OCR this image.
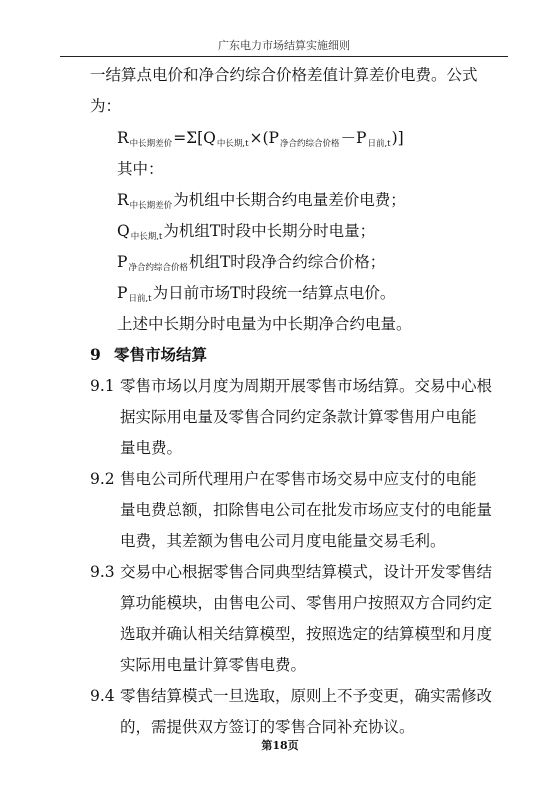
广东电力市场结算实施细则
一结算点电价和净合约综合价格差值计算差价电费。公式
为：
R中长期差价=Σ[Q中长期,t×(P净合约综合价格－P日前,t)]
其中：
R中长期差价为机组中长期合约电量差价电费；
Q中长期,t为机组T时段中长期分时电量；
P净合约综合价格机组T时段净合约综合价格；
P日前,t为日前市场T时段统一结算点电价。
上述中长期分时电量为中长期净合约电量。
9 零售市场结算
9.1 零售市场以月度为周期开展零售市场结算。交易中心根
据实际用电量及零售合同约定条款计算零售用户电能
量电费。
9.2 售电公司所代理用户在零售市场交易中应支付的电能
量电费总额，扣除售电公司在批发市场应支付的电能量
电费，其差额为售电公司月度电能量交易毛利。
9.3 交易中心根据零售合同典型结算模式，设计开发零售结
算功能模块，由售电公司、零售用户按照双方合同约定
选取并确认相关结算模型，按照选定的结算模型和月度
实际用电量计算零售电费。
9.4 零售结算模式一旦选取，原则上不予变更，确实需修改
的，需提供双方签订的零售合同补充协议。
第18页
